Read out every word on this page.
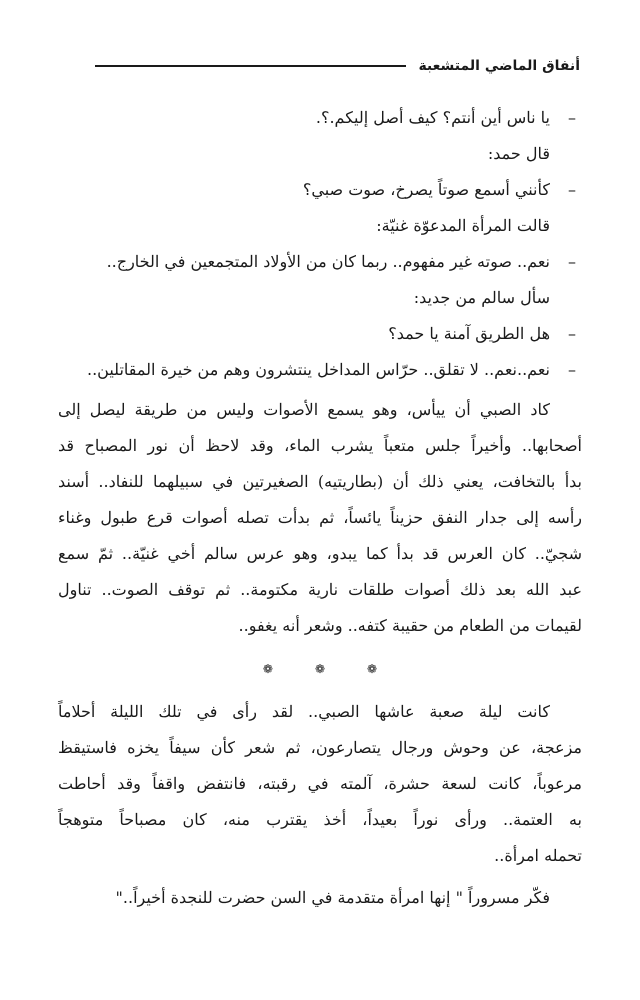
أنفاق الماضي المتشعبة

–
يا ناس أين أنتم؟ كيف أصل إليكم.؟.

قال حمد:

–
كأنني أسمع صوتاً يصرخ، صوت صبي؟

قالت المرأة المدعوّة غنيّة:

–
نعم.. صوته غير مفهوم.. ربما كان من الأولاد المتجمعين في الخارج..

سأل سالم من جديد:

–
هل الطريق آمنة يا حمد؟

–
نعم..نعم.. لا تقلق.. حرّاس المداخل ينتشرون وهم من خيرة المقاتلين..

كاد الصبي أن ييأس، وهو يسمع الأصوات وليس من طريقة ليصل إلى

أصحابها.. وأخيراً جلس متعباً يشرب الماء، وقد لاحظ أن نور المصباح قد

بدأ بالتخافت، يعني ذلك أن (بطاريتيه) الصغيرتين في سبيلهما للنفاد.. أسند

رأسه إلى جدار النفق حزيناً يائساً، ثم بدأت تصله أصوات قرع طبول وغناء

شجيّ.. كان العرس قد بدأ كما يبدو، وهو عرس سالم أخي غنيّة.. ثمّ سمع

عبد الله بعد ذلك أصوات طلقات نارية مكتومة.. ثم توقف الصوت.. تناول

لقيمات من الطعام من حقيبة كتفه.. وشعر أنه يغفو..

❁
❁
❁

كانت ليلة صعبة عاشها الصبي.. لقد رأى في تلك الليلة أحلاماً

مزعجة، عن وحوش ورجال يتصارعون، ثم شعر كأن سيفاً يخزه فاستيقظ

مرعوباً، كانت لسعة حشرة، آلمته في رقبته، فانتفض واقفاً وقد أحاطت

به العتمة.. ورأى نوراً بعيداً، أخذ يقترب منه، كان مصباحاً متوهجاً

تحمله امرأة..

فكّر مسروراً " إنها امرأة متقدمة في السن حضرت للنجدة أخيراً.."
